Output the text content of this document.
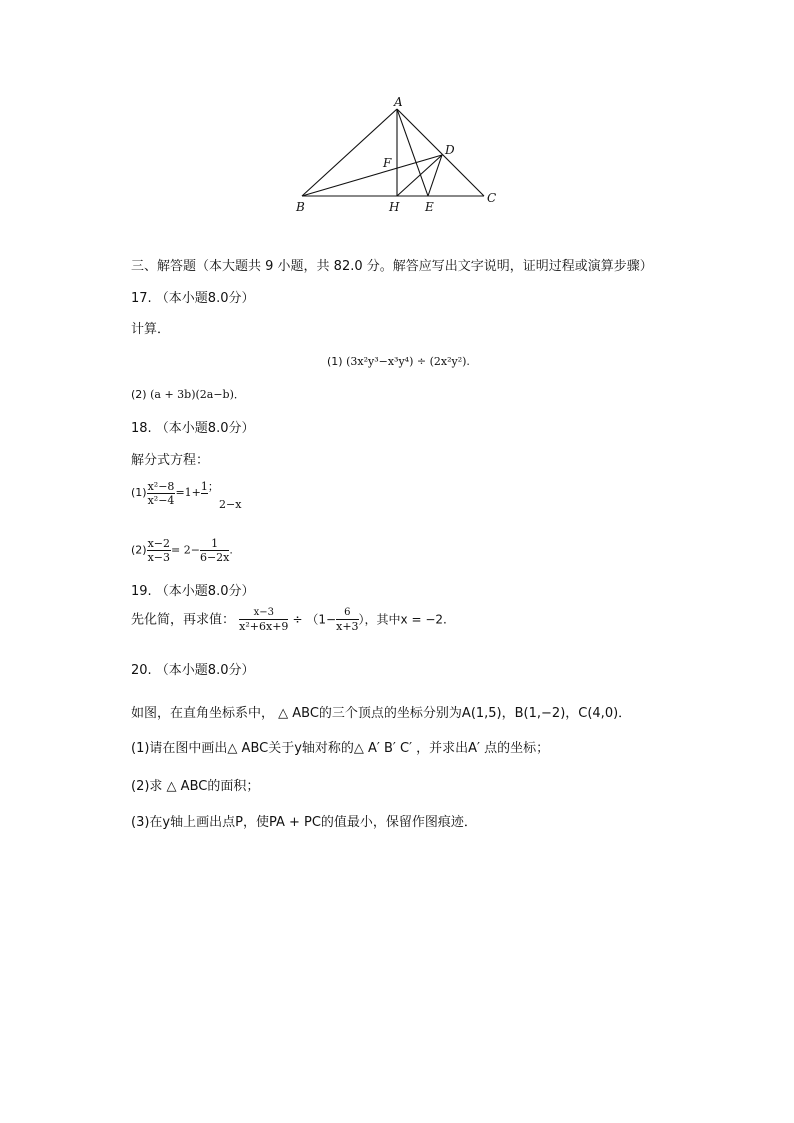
A
F
D
B	H E
C
三、解答题（本大题共 9 小题，共 82.0 分。解答应写出文字说明，证明过程或演算步骤）
17. （本小题8.0分）
计算．
(1) (3x²y³−x³y⁴) ÷ (2x²y²).
(2) (a + 3b)(2a−b)．
18. （本小题8.0分）
解分式方程：
$(1) \frac{\text{x²−8}}{\text{x²−4}} =1+1$；
2−x
$(2) \frac{x-2}{x-3} = 2- \frac{1}{6-2x}$ .
19. （本小题8.0分）
先化简，再求值： $\frac{x-3}{\text{x²+6x+9}} \div (1- \frac{6}{x+3}$ ），其中x = −2.
20. （本小题8.0分）
如图，在直角坐标系中， △ ABC的三个顶点的坐标分别为A(1,5)，B(1,−2)，C(4,0)．
(1)请在图中画出△ ABC关于y轴对称的△ A′ B′ C′ ，并求出A′ 点的坐标；
(2)求 △ ABC的面积；
(3)在y轴上画出点P，使PA + PC的值最小，保留作图痕迹．
